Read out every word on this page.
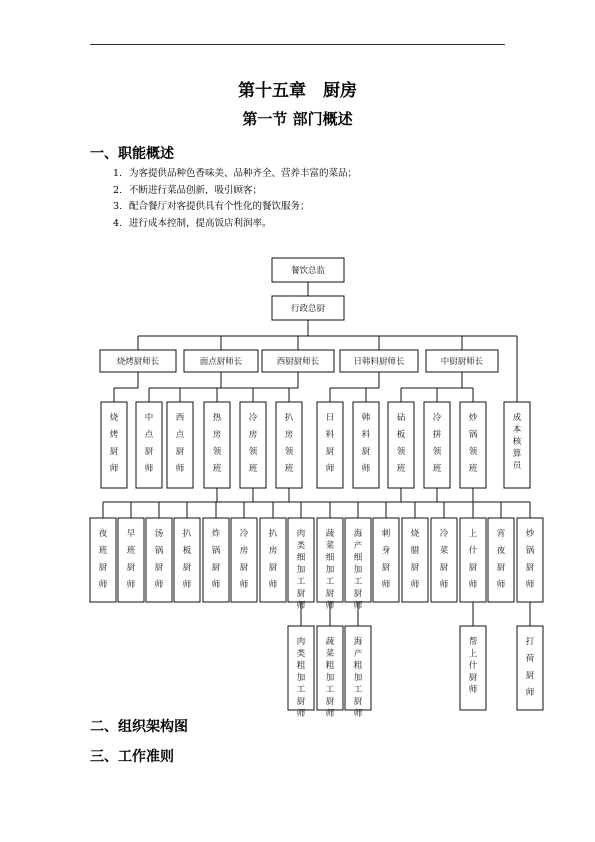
第十五章　厨房
第一节 部门概述
一、职能概述
1. 为客提供品种色香味美、品种齐全、营养丰富的菜品；
2. 不断进行菜品创新，吸引顾客；
3. 配合餐厅对客提供具有个性化的餐饮服务；
4. 进行成本控制，提高饭店利润率。
餐饮总监
行政总厨
烧烤厨师长	面点厨师长	西厨厨师长	日韩料厨师长	中厨厨师长
烧
烤
厨
师
中
点
厨
师
西
点
厨
师
热
房
领
班
冷
房
领
班
扒
房
领
班
日
料
厨
师
韩
料
厨
师
砧
板
领
班
冷
拼
领
班
炒
锅
领
班
成
本
核
算
员
夜
班
厨
师
早
班
厨
师
汤
锅
厨
师
扒
板
厨
师
炸
锅
厨
师
冷
房
厨
师
扒
房
厨
师
肉
类
细
加
工
厨
师
蔬
菜
细
加
工
厨
师
海
产
细
加
工
厨
师
刺
身
厨
师
烧
腊
厨
师
冷
菜
厨
师
上
什
厨
师
宵
夜
厨
师
炒
锅
厨
师
肉
类
粗
加
工
厨
师
蔬
菜
粗
加
工
厨
师
海
产
粗
加
工
厨
师
帮
上
什
厨
师
打
荷
厨
师
二、组织架构图
三、工作准则
